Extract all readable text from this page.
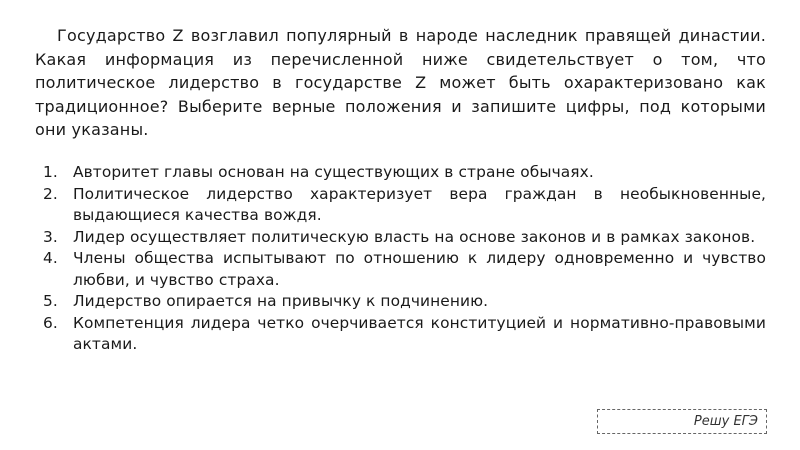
Государство Z возглавил популярный в народе наследник правящей династии. Какая информация из перечисленной ниже свидетельствует о том, что политическое лидерство в государстве Z может быть охарактеризовано как традиционное? Выберите верные положения и запишите цифры, под которыми они указаны.

1. Авторитет главы основан на существующих в стране обычаях.
2. Политическое лидерство характеризует вера граждан в необыкновенные, выдающиеся качества вождя.
3. Лидер осуществляет политическую власть на основе законов и в рамках законов.
4. Члены общества испытывают по отношению к лидеру одновременно и чувство любви, и чувство страха.
5. Лидерство опирается на привычку к подчинению.
6. Компетенция лидера четко очерчивается конституцией и нормативно-правовыми актами.
Решу ЕГЭ
